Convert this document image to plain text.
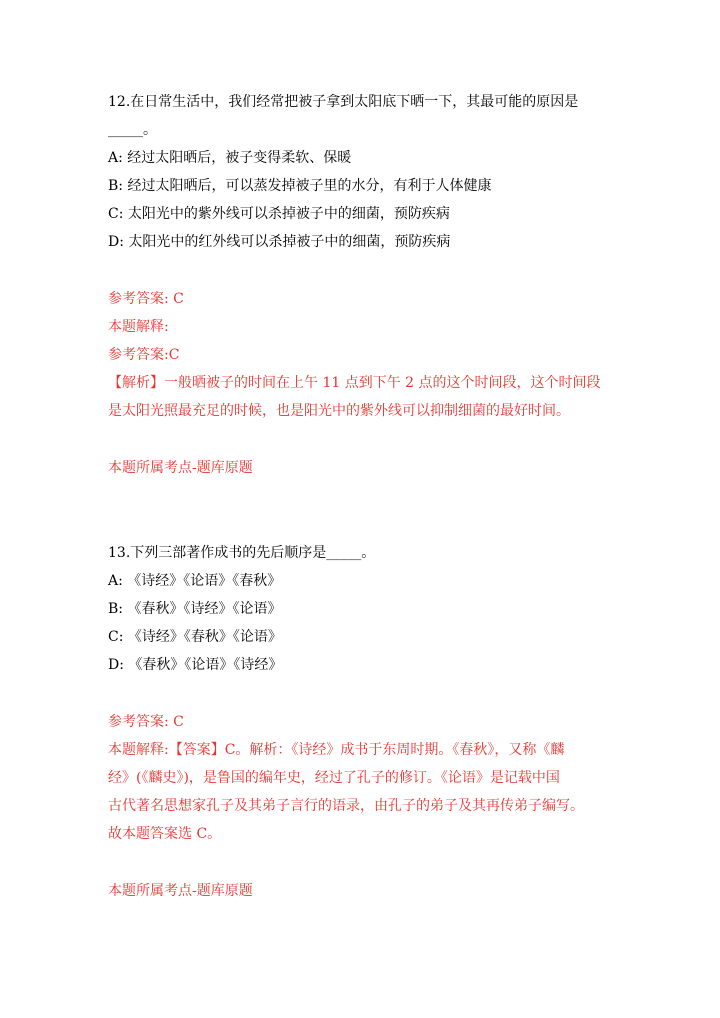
12.在日常生活中，我们经常把被子拿到太阳底下晒一下，其最可能的原因是
_____。
A: 经过太阳晒后，被子变得柔软、保暖
B: 经过太阳晒后，可以蒸发掉被子里的水分，有利于人体健康
C: 太阳光中的紫外线可以杀掉被子中的细菌，预防疾病
D: 太阳光中的红外线可以杀掉被子中的细菌，预防疾病
参考答案: C
本题解释:
参考答案:C
【解析】一般晒被子的时间在上午 11 点到下午 2 点的这个时间段，这个时间段
是太阳光照最充足的时候，也是阳光中的紫外线可以抑制细菌的最好时间。
本题所属考点-题库原题
13.下列三部著作成书的先后顺序是_____。
A: 《诗经》《论语》《春秋》
B: 《春秋》《诗经》《论语》
C: 《诗经》《春秋》《论语》
D: 《春秋》《论语》《诗经》
参考答案: C
本题解释:【答案】C。解析：《诗经》成书于东周时期。《春秋》，又称《麟
经》(《麟史》)，是鲁国的编年史，经过了孔子的修订。《论语》是记载中国
古代著名思想家孔子及其弟子言行的语录，由孔子的弟子及其再传弟子编写。
故本题答案选 C。
本题所属考点-题库原题
